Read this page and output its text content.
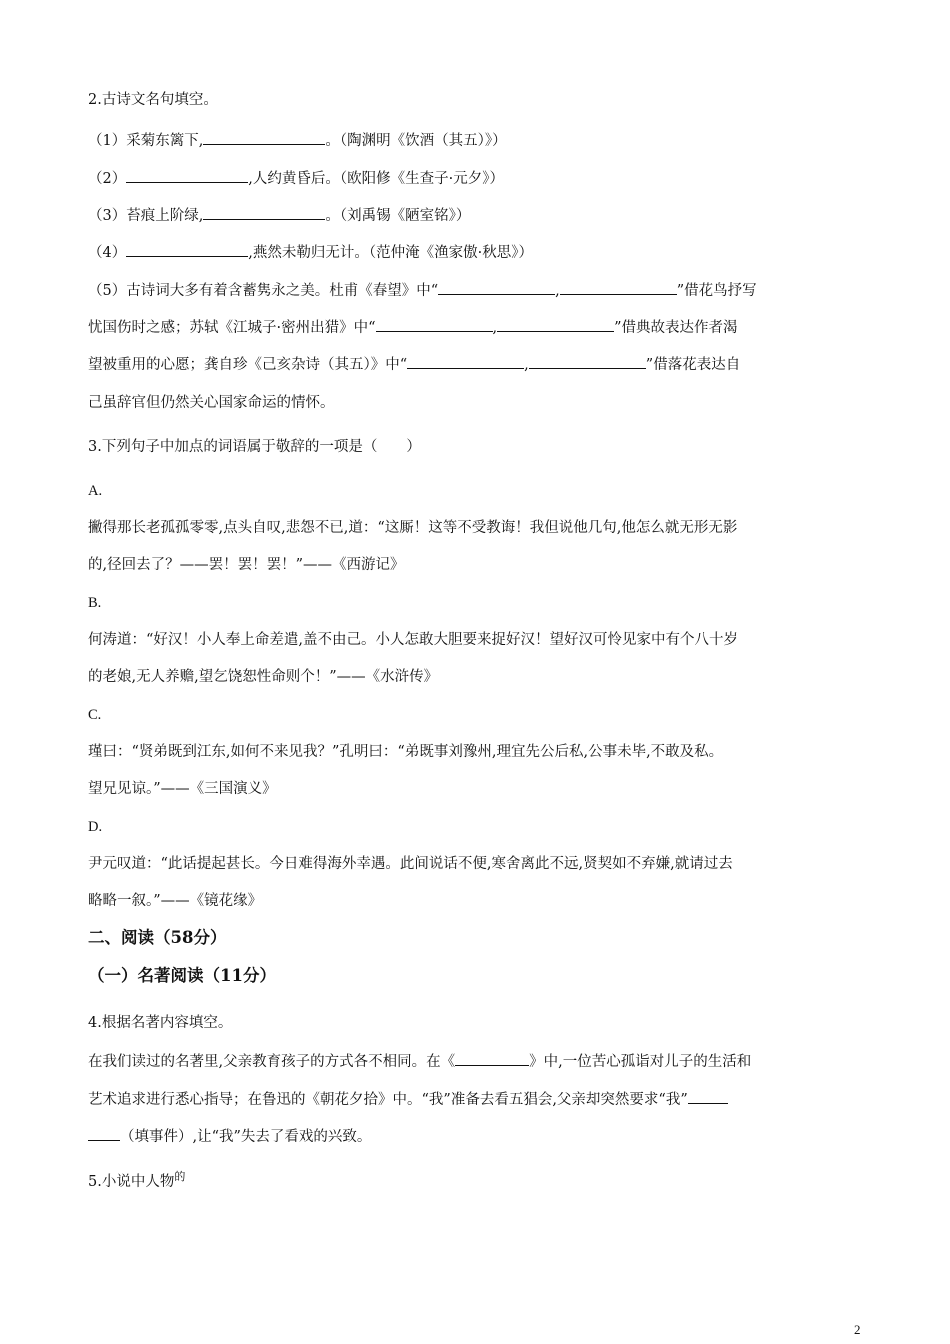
2.古诗文名句填空。
（1）采菊东篱下,	。（陶渊明《饮酒（其五）》）
（2）	,人约黄昏后。（欧阳修《生查子·元夕》）
（3）苔痕上阶绿,	。（刘禹锡《陋室铭》）
（4）	,燕然未勒归无计。（范仲淹《渔家傲·秋思》）
（5）古诗词大多有着含蓄隽永之美。杜甫《春望》中“	,	”借花鸟抒写
忧国伤时之感；苏轼《江城子·密州出猎》中“	,	”借典故表达作者渴
望被重用的心愿；龚自珍《己亥杂诗（其五）》中“	,	”借落花表达自
己虽辞官但仍然关心国家命运的情怀。
3.下列句子中加点的词语属于敬辞的一项是（　　）
A.
撇得那长老孤孤零零,点头自叹,悲怨不已,道：“这厮！这等不受教诲！我但说他几句,他怎么就无形无影
的,径回去了？——罢！罢！罢！”——《西游记》
B.
何涛道：“好汉！小人奉上命差遣,盖不由己。小人怎敢大胆要来捉好汉！望好汉可怜见家中有个八十岁
的老娘,无人养赡,望乞饶恕性命则个！”——《水浒传》
C.
瑾曰：“贤弟既到江东,如何不来见我？”孔明曰：“弟既事刘豫州,理宜先公后私,公事未毕,不敢及私。
望兄见谅。”——《三国演义》
D.
尹元叹道：“此话提起甚长。今日难得海外幸遇。此间说话不便,寒舍离此不远,贤契如不弃嫌,就请过去
略略一叙。”——《镜花缘》
二、阅读（58分）
（一）名著阅读（11分）
4.根据名著内容填空。
在我们读过的名著里,父亲教育孩子的方式各不相同。在《	》中,一位苦心孤诣对儿子的生活和
艺术追求进行悉心指导；在鲁迅的《朝花夕拾》中。“我”准备去看五猖会,父亲却突然要求“我”
（填事件）,让“我”失去了看戏的兴致。
5.小说中人物$^的$
2
